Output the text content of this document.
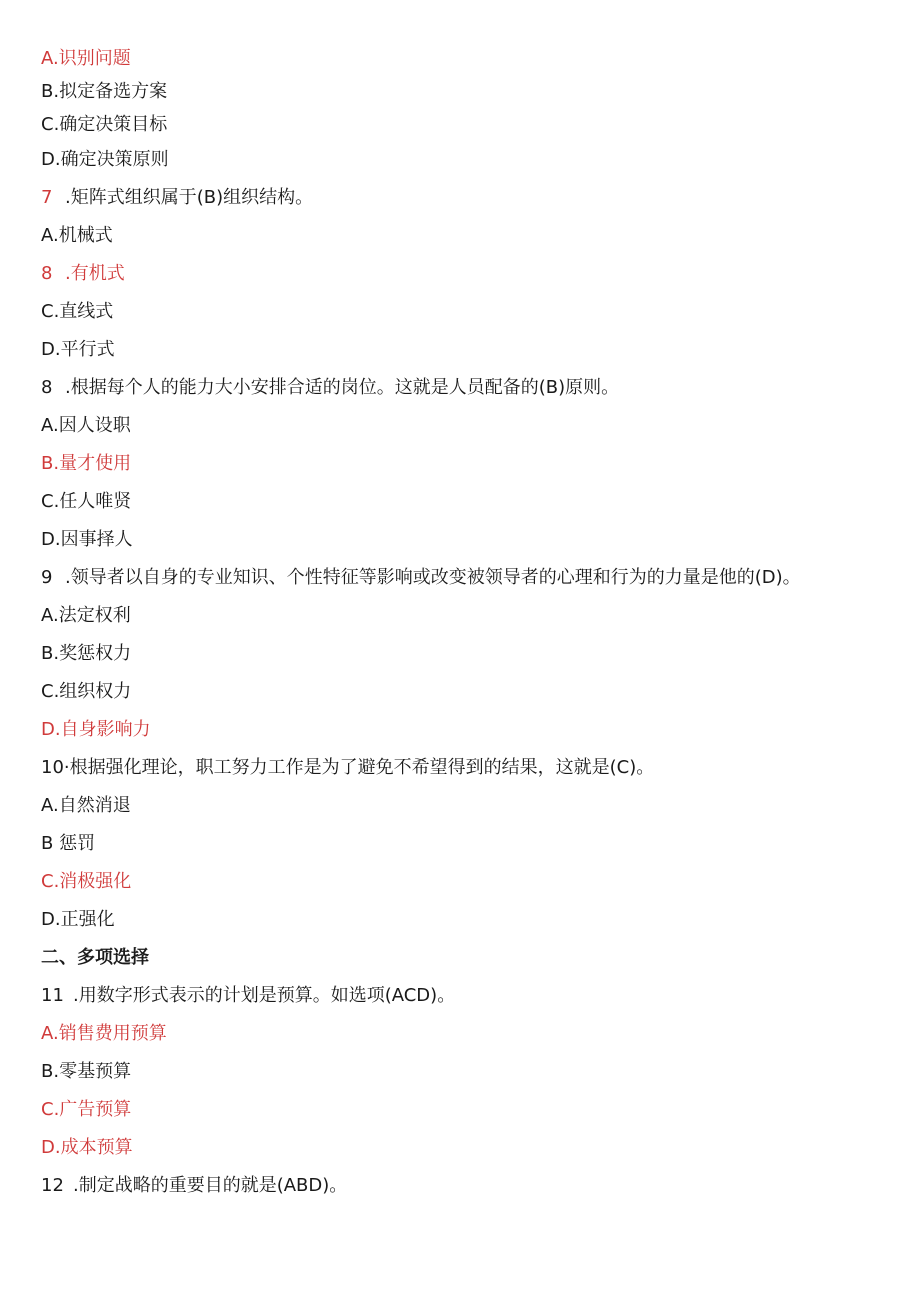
A.识别问题
B.拟定备选方案
C.确定决策目标
D.确定决策原则
7 .矩阵式组织属于(B)组织结构。
A.机械式
8 .有机式
C.直线式
D.平行式
8 .根据每个人的能力大小安排合适的岗位。这就是人员配备的(B)原则。
A.因人设职
B.量才使用
C.任人唯贤
D.因事择人
9 .领导者以自身的专业知识、个性特征等影响或改变被领导者的心理和行为的力量是他的(D)。
A.法定权利
B.奖惩权力
C.组织权力
D.自身影响力
10·根据强化理论，职工努力工作是为了避免不希望得到的结果，这就是(C)。
A.自然消退
B 惩罚
C.消极强化
D.正强化
二、多项选择
11 .用数字形式表示的计划是预算。如选项(ACD)。
A.销售费用预算
B.零基预算
C.广告预算
D.成本预算
12 .制定战略的重要目的就是(ABD)。
